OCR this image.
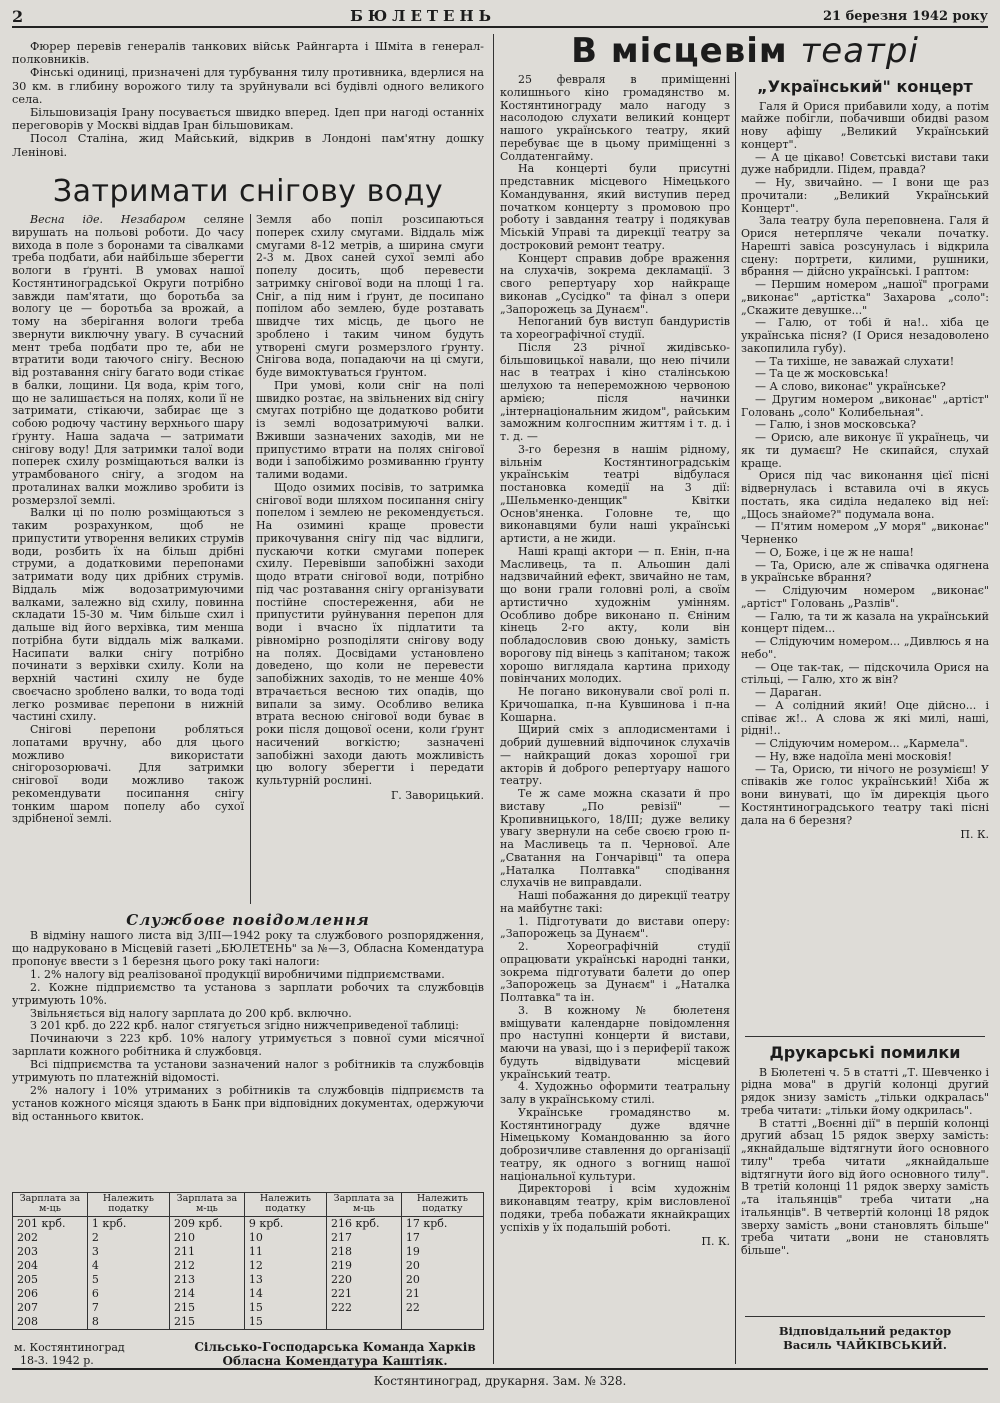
2	БЮЛЕТЕНЬ	21 березня 1942 року

Фюрер перевів генералів танкових військ Райнгарта і Шміта в генерал-полковників.

Фінські одиниці, призначені для турбування тилу противника, вдерлися на 30 км. в глибину ворожого тилу та зруйнували всі будівлі одного великого села.

Більшовизація Ірану посувається швидко вперед. Ідеп при нагоді останніх переговорів у Москві віддав Іран більшовикам.

Посол Сталіна, жид Майський, відкрив в Лондоні пам'ятну дошку Ленінові.

Затримати снігову воду

Весна іде. Незабаром селяне вирушать на польові роботи. До часу вихода в поле з боронами та сівалками треба подбати, аби найбільше зберегти вологи в ґрунті. В умовах нашої Костянтиноградської Округи потрібно завжди пам'ятати, що боротьба за вологу це — боротьба за врожай, а тому на зберігання вологи треба звернути виключну увагу. В сучасний мент треба подбати про те, аби не втратити води таючого снігу. Весною від розтавання снігу багато води стікає в балки, лощини. Ця вода, крім того, що не залишається на полях, коли її не затримати, стікаючи, забирає ще з собою родючу частину верхнього шару ґрунту. Наша задача — затримати снігову воду! Для затримки талої води поперек схилу розміщаються валки із утрамбованого снігу, а згодом на проталинах валки можливо зробити із розмерзлої землі.

Валки ці по полю розміщаються з таким розрахунком, щоб не припустити утворення великих струмів води, розбить їх на більш дрібні струми, а додатковими перепонами затримати воду цих дрібних струмів. Віддаль між водозатримуючими валками, залежно від схилу, повинна складати 15-30 м. Чим більше схил і дальше від його верхівка, тим менша потрібна бути віддаль між валками. Насипати валки снігу потрібно починати з верхівки схилу. Коли на верхній частині схилу не буде своєчасно зроблено валки, то вода тоді легко розмиває перепони в нижній частині схилу.

Снігові перепони робляться лопатами вручну, або для цього можливо використати снігорозорювачі. Для затримки снігової води можливо також рекомендувати посипання снігу тонким шаром попелу або сухої здрібненої землі.

Земля або попіл розсипаються поперек схилу смугами. Віддаль між смугами 8-12 метрів, а ширина смуги 2-3 м. Двох саней сухої землі або попелу досить, щоб перевести затримку снігової води на площі 1 га. Сніг, а під ним і ґрунт, де посипано попілом або землею, буде розтавать швидче тих місць, де цього не зроблено і таким чином будуть утворені смуги розмерзлого ґрунту. Снігова вода, попадаючи на ці смуги, буде вимоктуваться ґрунтом.

При умові, коли сніг на полі швидко розтає, на звільнених від снігу смугах потрібно ще додатково робити із землі водозатримуючі валки. Вживши зазначених заходів, ми не припустимо втрати на полях снігової води і запобіжимо розмиванню ґрунту талими водами.

Щодо озимих посівів, то затримка снігової води шляхом посипання снігу попелом і землею не рекомендується. На озимині краще провести прикочування снігу під час відлиги, пускаючи котки смугами поперек схилу. Перевівши запобіжні заходи щодо втрати снігової води, потрібно під час розтавання снігу організувати постійне спостереження, аби не припустити руйнування перепон для води і вчасно їх підлатити та рівномірно розподіляти снігову воду на полях. Досвідами установлено доведено, що коли не перевести запобіжних заходів, то не менше 40% втрачається весною тих опадів, що випали за зиму. Особливо велика втрата весною снігової води буває в роки після дощової осени, коли ґрунт насичений вогкістю; зазначені запобіжні заходи дають можливість цю вологу зберегти і передати культурній рослині.

Г. Заворицький.

Службове повідомлення

В відміну нашого листа від 3/III—1942 року та службового розпорядження, що надруковано в Місцевій газеті „БЮЛЕТЕНЬ" за №—3, Обласна Комендатура пропонує ввести з 1 березня цього року такі налоги:

1. 2% налогу від реалізованої продукції виробничими підприємствами.

2. Кожне підприємство та установа з зарплати робочих та службовців утримують 10%.

Звільняється від налогу зарплата до 200 крб. включно.

З 201 крб. до 222 крб. налог стягується згідно нижчеприведеної таблиці:

Починаючи з 223 крб. 10% налогу утримується з повної суми місячної зарплати кожного робітника й службовця.

Всі підприємства та установи зазначений налог з робітників та службовців утримують по платежній відомості.

2% налогу і 10% утриманих з робітників та службовців підприємств та установ кожного місяця здають в Банк при відповідних документах, одержуючи від останнього квиток.

Зарплата за м-ць	Належить податку	Зарплата за м-ць	Належить податку	Зарплата за м-ць	Належить податку
201 крб.	1 крб.	209 крб.	9 крб.	216 крб.	17 крб.
202	2	210	10	217	17
203	3	211	11	218	19
204	4	212	12	219	20
205	5	213	13	220	20
206	6	214	14	221	21
207	7	215	15	222	22
208	8	215	15		
м. Костянтиноград
18-3. 1942 р.
Сільсько-Господарська Команда Харків
Обласна Комендатура Каштіяк.
В місцевім театрі

25 февраля в приміщенні колишнього кіно громадянство м. Костянтинограду мало нагоду з насолодою слухати великий концерт нашого українського театру, який перебуває ще в цьому приміщенні з Солдатенгайму.

На концерті були присутні представник місцевого Німецького Командування, який виступив перед початком концерту з промовою про роботу і завдання театру і подякував Міській Управі та дирекції театру за достроковий ремонт театру.

Концерт справив добре враження на слухачів, зокрема декламації. З свого репертуару хор найкраще виконав „Сусідко" та фінал з опери „Запорожець за Дунаєм".

Непоганий був виступ бандуристів та хореографічної студії.

Після 23 річної жидівсько-більшовицької навали, що нею пічили нас в театрах і кіно сталінською шелухою та непереможною червоною армією; після начинки „інтернаціональним жидом", райським заможним колгоспним життям і т. д. і т. д. —

3-го березня в нашім рідному, вільнім Костянтиноградськім українськім театрі відбулася постановка комедії на 3 дії: „Шельменко-денщик" Квітки Основ'яненка. Головне те, що виконавцями були наші українські артисти, а не жиди.

Наші кращі актори — п. Енін, п-на Масливець, та п. Альошин далі надзвичайний ефект, звичайно не там, що вони грали головні ролі, а своїм артистично художнім умінням. Особливо добре виконано п. Єніним кінець 2-го акту, коли він побладословив свою доньку, замість ворогову під вінець з капітаном; також хорошо виглядала картина приходу повінчаних молодих.

Не погано виконували свої ролі п. Кричошапка, п-на Кувшинова і п-на Кошарна.

Щирий сміх з аплодисментами і добрий душевний відпочинок слухачів — найкращий доказ хорошої гри акторів й доброго репертуару нашого театру.

Те ж саме можна сказати й про виставу „По ревізії" — Кропивницького, 18/III; дуже велику увагу звернули на себе своєю грою п-на Масливець та п. Чернової. Але „Сватання на Гончарівці" та опера „Наталка Полтавка" сподівання слухачів не виправдали.

Наші побажання до дирекції театру на майбутнє такі:

1. Підготувати до вистави оперу: „Запорожець за Дунаєм".

2. Хореографічній студії опрацювати українські народні танки, зокрема підготувати балети до опер „Запорожець за Дунаєм" і „Наталка Полтавка" та ін.

3. В кожному № бюлетеня вміщувати календарне повідомлення про наступні концерти й вистави, маючи на увазі, що і з периферії також будуть відвідувати місцевий український театр.

4. Художньо оформити театральну залу в українському стилі.

Українське громадянство м. Костянтинограду дуже вдячне Німецькому Командованню за його доброзичливе ставлення до організації театру, як одного з вогнищ нашої національної культури.

Директорові і всім художнім виконавцям театру, крім висловленої подяки, треба побажати якнайкращих успіхів у їх подальшій роботі.

П. К.

„Український" концерт

Галя й Орися прибавили ходу, а потім майже побігли, побачивши обидві разом нову афішу „Великий Український концерт".

— А це цікаво! Совєтські вистави таки дуже набридли. Підем, правда?

— Ну, звичайно. — І вони ще раз прочитали: „Великий Український Концерт".

Зала театру була переповнена. Галя й Орися нетерпляче чекали початку. Нарешті завіса розсунулась і відкрила сцену: портрети, килими, рушники, вбрання — дійсно українські. І раптом:

— Першим номером „нашої" програми „виконає" „артістка" Захарова „соло": „Скажите девушке..."

— Галю, от тобі й на!.. хіба це українська пісня? (І Орися незадоволено закопилила губу).

— Та тихіше, не заважай слухати!

— Та це ж московська!

— А слово, виконає" українське?

— Другим номером „виконає" „артіст" Головань „соло" Колибельная".

— Галю, і знов московська?

— Орисю, але виконує її українець, чи як ти думаєш? Не скипайся, слухай краще.

Орися під час виконання цієї пісні відвернулась і вставила очі в якусь постать, яка сиділа недалеко від неї: „Щось знайоме?" подумала вона.

— П'ятим номером „У моря" „виконає" Черненко

— О, Боже, і це ж не наша!

— Та, Орисю, але ж співачка одягнена в українське вбрання?

— Слідуючим номером „виконає" „артіст" Головань „Разлів".

— Галю, та ти ж казала на український концерт підем...

— Слідуючим номером... „Дивлюсь я на небо".

— Оце так-так, — підскочила Орися на стільці, — Галю, хто ж він?

— Дараган.

— А солідний який! Оце дійсно... і співає ж!.. А слова ж які милі, наші, рідні!..

— Слідуючим номером... „Кармела".

— Ну, вже надоїла мені московія!

— Та, Орисю, ти нічого не розумієш! У співаків же голос український! Хіба ж вони винуваті, що їм дирекція цього Костянтиноградського театру такі пісні дала на 6 березня?

П. К.

Друкарські помилки

В Бюлетені ч. 5 в статті „Т. Шевченко і рідна мова" в другій колонці другий рядок знизу замість „тільки одкралась" треба читати: „тільки йому одкрилась".

В статті „Воєнні дії" в першій колонці другий абзац 15 рядок зверху замість: „якнайдальше відтягнути його основного тилу" треба читати „якнайдальше відтягнути його від його основного тилу". В третій колонці 11 рядок зверху замість „та італьянців" треба читати „на італьянців". В четвертій колонці 18 рядок зверху замість „вони становлять більше" треба читати „вони не становлять більше".

Відповідальний редактор
Василь ЧАЙКІВСЬКИЙ.
Костянтиноград, друкарня. Зам. № 328.
